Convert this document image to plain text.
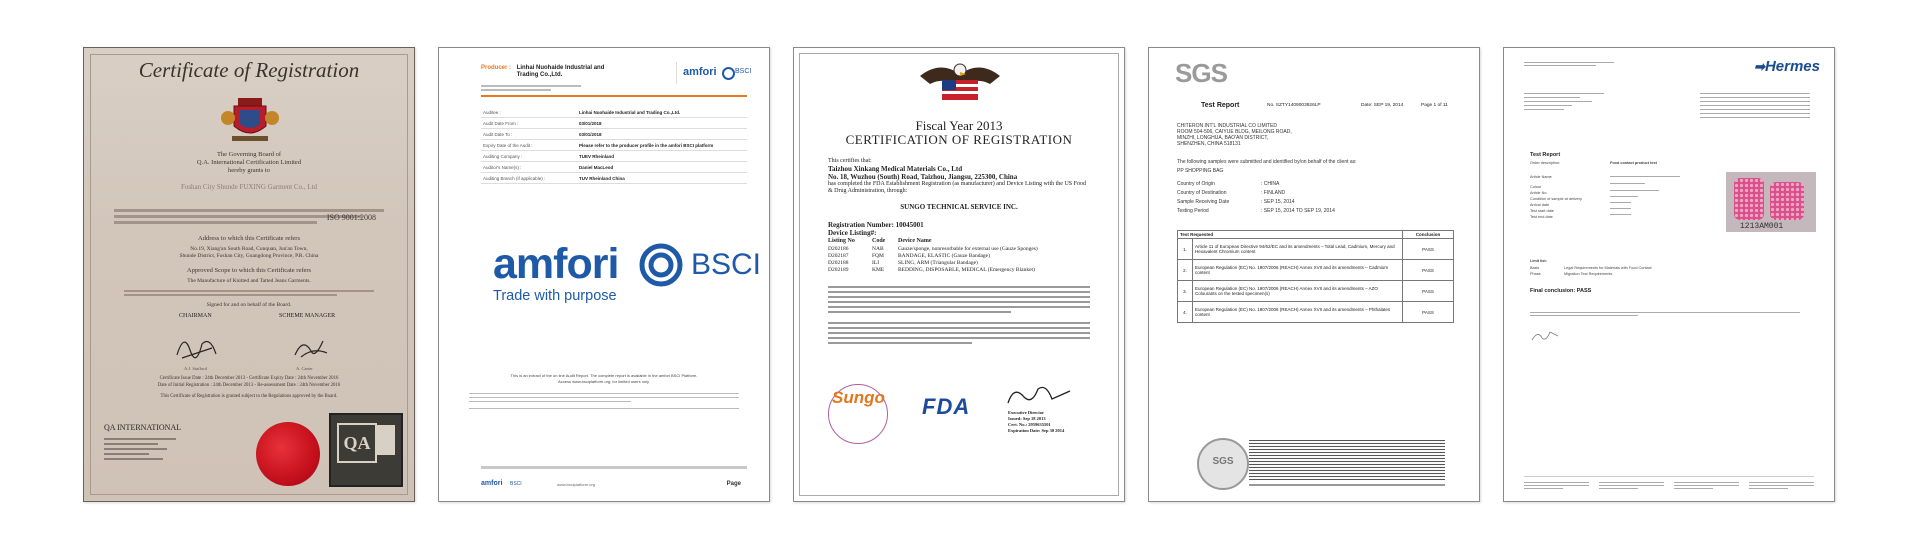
Certificate of Registration
The Governing Board of
Q.A. International Certification Limited
hereby grants to
Foshan City Shunde FUXING Garment Co., Ltd
ISO 9001:2008
Address to which this Certificate refers
No.19, Xiang'an South Road, Cunquan, Jun'an Town,
Shunde District, Foshan City, Guangdong Province, P.R. China
Approved Scope to which this Certificate refers
The Manufacture of Knitted and Tatted Jeans Garments.
Signed for and on behalf of the Board.
CHAIRMAN	SCHEME MANAGER
A.J. Stafford	A. Carter
Certificate Issue Date : 24th December 2013 - Certificate Expiry Date : 24th November 2016
Date of Initial Registration : 24th December 2013 - Re-assessment Date : 24th November 2016
This Certificate of Registration is granted subject to the Regulations approved by the Board.
QA INTERNATIONAL
QA
Producer : Linhai Nuohaide Industrial and Trading Co.,Ltd.	amfori	BSCI
Auditee :	Linhai Nuohaide Industrial and Trading Co.,Ltd.
Audit Date From :	03/01/2018
Audit Date To :	03/01/2018
Expiry Date of the Audit :	Please refer to the producer profile in the amfori BSCI platform
Auditing Company :	TUEV Rheinland
Auditor's Name(s) :	Daniel MacLeod
Auditing Branch (if applicable) :	TUV Rheinland China
amfori BSCI
Trade with purpose
This is an extract of the on line Audit Report. The complete report is available in the amfori BSCI Platform.
Access www.bsciplatform.org, for limited users only.
amfori BSCI	www.bsciplatform.org	Page
Fiscal Year 2013
CERTIFICATION OF REGISTRATION
This certifies that:
Taizhou Xinkang Medical Materials Co., Ltd
No. 18, Wuzhou (South) Road, Taizhou, Jiangsu, 225300, China
has completed the FDA Establishment Registration (as manufacturer) and Device Listing with the US Food & Drug Administration, through:
SUNGO TECHNICAL SERVICE INC.
Registration Number: 10045001
Device Listing#:
Listing No	Code Device Name
D202186	NAB	Gauze/sponge, nonresorbable for external use (Gauze Sponges)
D202187	FQM	BANDAGE, ELASTIC (Gauze Bandage)
D202188	ILI	SLING, ARM (Triangular Bandage)
D202189	KME	BEDDING, DISPOSABLE, MEDICAL (Emergency Blanket)
Sungo FDA	Executive Director
Issued: Sep 18 2013
Cert. No.: 2959635501
Expiration Date: Sep 30 2014
SGS
Test Report	No. SZTY1409003926LP	Date: SEP 19, 2014	Page 1 of 11
CHITERON INT'L INDUSTRIAL CO LIMITED
ROOM 504-506, CAIYUE BLDG, MEILONG ROAD,
MINZHI, LONGHUA, BAO'AN DISTRICT,
SHENZHEN, CHINA 518131
The following samples were submitted and identified by/on behalf of the client as:
PP SHOPPING BAG
Country of Origin	: CHINA
Country of Destination	: FINLAND
Sample Receiving Date	: SEP 15, 2014
Testing Period	: SEP 15, 2014 TO SEP 19, 2014
Test Requested		Conclusion
1.	Article 11 of European Directive 94/62/EC and its amendments – Total Lead, Cadmium, Mercury and Hexavalent Chromium content	PASS
2.	European Regulation (EC) No. 1907/2006 (REACH) Annex XVII and its amendments – Cadmium content	PASS
3.	European Regulation (EC) No. 1907/2006 (REACH) Annex XVII and its amendments – AZO Colourants on the tested specimen(s)	PASS
4.	European Regulation (EC) No. 1907/2006 (REACH) Annex XVII and its amendments – Phthalates content	PASS
SGS
➡Hermes
Test Report
Order description:	Food contact product test
Article Name
Colour
Article No.
Condition of sample at delivery
Arrival date
Test start date
Test end date
1213AM001
Limit list:
Basis	Legal Requirements for Materials with Food Contact
Phase	Migration Test Requirements
Final conclusion: PASS
